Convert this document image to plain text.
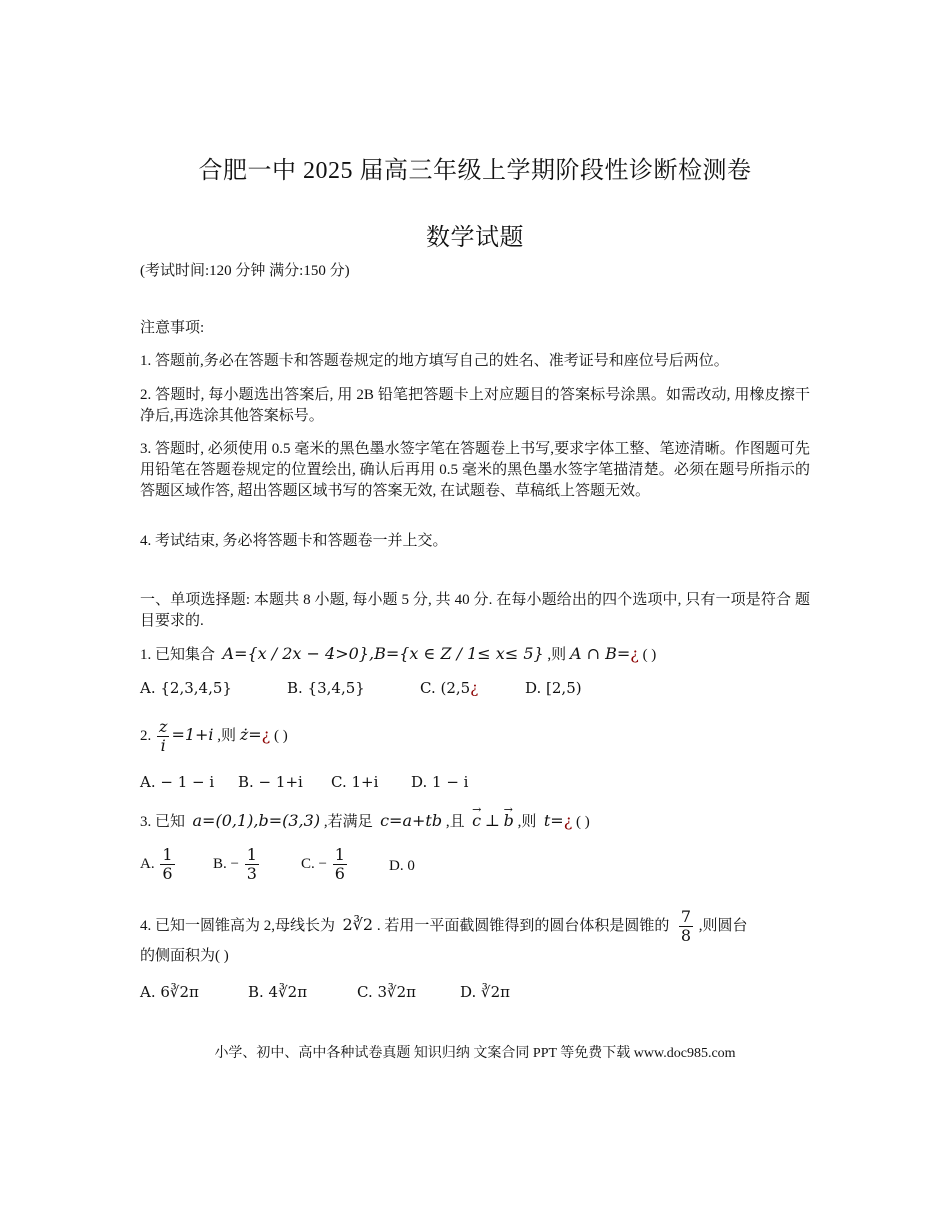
合肥一中 2025 届高三年级上学期阶段性诊断检测卷
数学试题
(考试时间:120 分钟 满分:150 分)
注意事项:
1. 答题前,务必在答题卡和答题卷规定的地方填写自己的姓名、准考证号和座位号后两位。
2. 答题时, 每小题选出答案后, 用 2B 铅笔把答题卡上对应题目的答案标号涂黑。如需改动, 用橡皮擦干净后,再选涂其他答案标号。
3. 答题时, 必须使用 0.5 毫米的黑色墨水签字笔在答题卷上书写,要求字体工整、笔迹清晰。作图题可先用铅笔在答题卷规定的位置绘出, 确认后再用 0.5 毫米的黑色墨水签字笔描清楚。必须在题号所指示的答题区域作答, 超出答题区域书写的答案无效, 在试题卷、草稿纸上答题无效。
4. 考试结束, 务必将答题卡和答题卷一并上交。
一、单项选择题: 本题共 8 小题, 每小题 5 分, 共 40 分. 在每小题给出的四个选项中, 只有一项是符合 题目要求的.
1. 已知集合 A={x / 2x − 4>0},B={x ∈ Z / 1≤ x≤ 5} ,则 A ∩ B=¿ ( )
A. {2,3,4,5}	B. {3,4,5}	C. (2,5¿	D. [2,5)
2. $\frac{z}{i} =1+i$ ,则 ż=¿ ( )
A. − 1 − i B. − 1+i C. 1+i D. 1 − i
3. 已知 a=(0,1),b=(3,3) ,若满足 c=a+tb ,且 → c ⊥ → b ,则 t=¿ ( )
A. $\frac{1}{6}$	B. − $\frac{1}{3}$	C. − $\frac{1}{6}$	D. 0
4. 已知一圆锥高为 2,母线长为 2∛2 . 若用一平面截圆锥得到的圆台体积是圆锥的 $\frac{7}{8}$ ,则圆台
的侧面积为( )
A. 6∛2π	B. 4∛2π	C. 3∛2π	D. ∛2π
小学、初中、高中各种试卷真题 知识归纳 文案合同 PPT 等免费下载 www.doc985.com
